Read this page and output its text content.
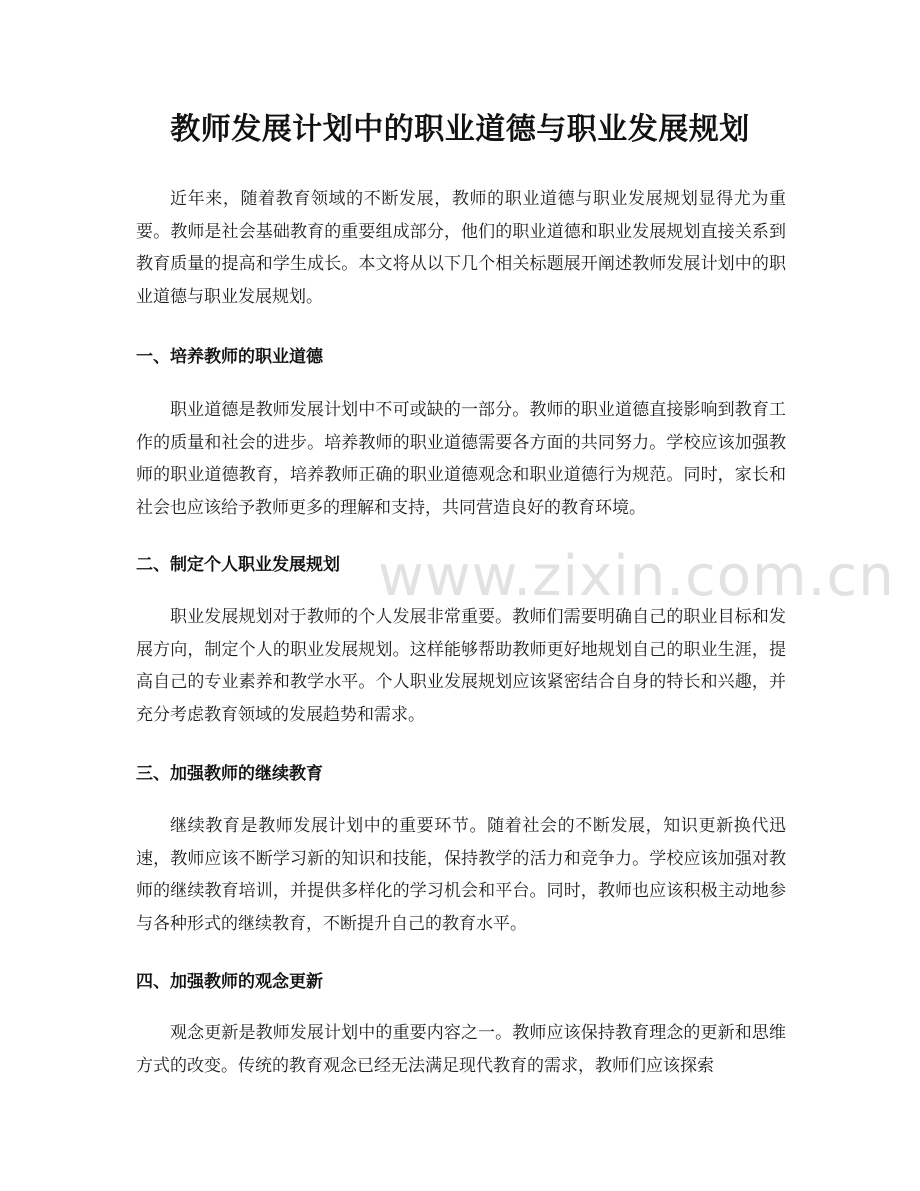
教师发展计划中的职业道德与职业发展规划
近年来，随着教育领域的不断发展，教师的职业道德与职业发展规划显得尤为重要。教师是社会基础教育的重要组成部分，他们的职业道德和职业发展规划直接关系到教育质量的提高和学生成长。本文将从以下几个相关标题展开阐述教师发展计划中的职业道德与职业发展规划。
一、培养教师的职业道德
职业道德是教师发展计划中不可或缺的一部分。教师的职业道德直接影响到教育工作的质量和社会的进步。培养教师的职业道德需要各方面的共同努力。学校应该加强教师的职业道德教育，培养教师正确的职业道德观念和职业道德行为规范。同时，家长和社会也应该给予教师更多的理解和支持，共同营造良好的教育环境。
二、制定个人职业发展规划
职业发展规划对于教师的个人发展非常重要。教师们需要明确自己的职业目标和发展方向，制定个人的职业发展规划。这样能够帮助教师更好地规划自己的职业生涯，提高自己的专业素养和教学水平。个人职业发展规划应该紧密结合自身的特长和兴趣，并充分考虑教育领域的发展趋势和需求。
三、加强教师的继续教育
继续教育是教师发展计划中的重要环节。随着社会的不断发展，知识更新换代迅速，教师应该不断学习新的知识和技能，保持教学的活力和竞争力。学校应该加强对教师的继续教育培训，并提供多样化的学习机会和平台。同时，教师也应该积极主动地参与各种形式的继续教育，不断提升自己的教育水平。
四、加强教师的观念更新
观念更新是教师发展计划中的重要内容之一。教师应该保持教育理念的更新和思维方式的改变。传统的教育观念已经无法满足现代教育的需求，教师们应该探索
www.zixin.com.cn
